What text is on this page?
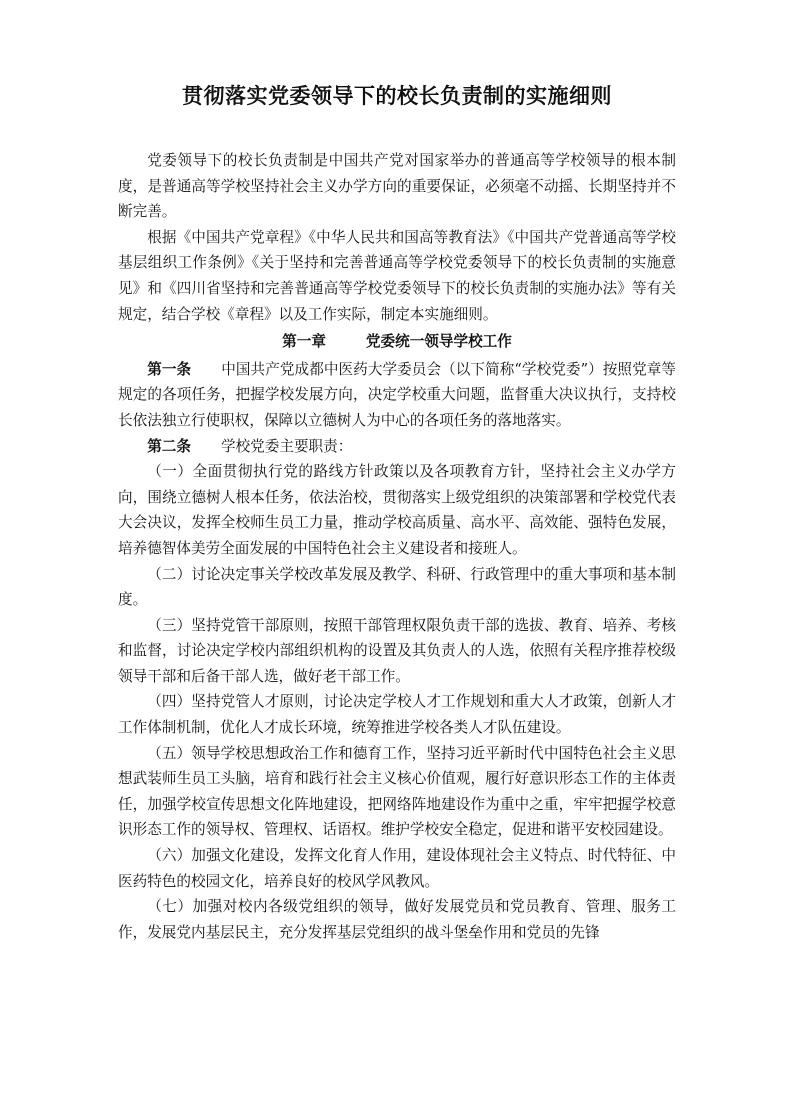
贯彻落实党委领导下的校长负责制的实施细则

党委领导下的校长负责制是中国共产党对国家举办的普通高等学校领导的根本制度，是普通高等学校坚持社会主义办学方向的重要保证，必须毫不动摇、长期坚持并不断完善。

根据《中国共产党章程》《中华人民共和国高等教育法》《中国共产党普通高等学校基层组织工作条例》《关于坚持和完善普通高等学校党委领导下的校长负责制的实施意见》和《四川省坚持和完善普通高等学校党委领导下的校长负责制的实施办法》等有关规定，结合学校《章程》以及工作实际，制定本实施细则。

第一章	党委统一领导学校工作

第一条 中国共产党成都中医药大学委员会（以下简称“学校党委”）按照党章等规定的各项任务，把握学校发展方向，决定学校重大问题，监督重大决议执行，支持校长依法独立行使职权，保障以立德树人为中心的各项任务的落地落实。

第二条 学校党委主要职责：

（一）全面贯彻执行党的路线方针政策以及各项教育方针，坚持社会主义办学方向，围绕立德树人根本任务，依法治校，贯彻落实上级党组织的决策部署和学校党代表大会决议，发挥全校师生员工力量，推动学校高质量、高水平、高效能、强特色发展，培养德智体美劳全面发展的中国特色社会主义建设者和接班人。

（二）讨论决定事关学校改革发展及教学、科研、行政管理中的重大事项和基本制度。

（三）坚持党管干部原则，按照干部管理权限负责干部的选拔、教育、培养、考核和监督，讨论决定学校内部组织机构的设置及其负责人的人选，依照有关程序推荐校级领导干部和后备干部人选，做好老干部工作。

（四）坚持党管人才原则，讨论决定学校人才工作规划和重大人才政策，创新人才工作体制机制，优化人才成长环境，统筹推进学校各类人才队伍建设。

（五）领导学校思想政治工作和德育工作，坚持习近平新时代中国特色社会主义思想武装师生员工头脑，培育和践行社会主义核心价值观，履行好意识形态工作的主体责任，加强学校宣传思想文化阵地建设，把网络阵地建设作为重中之重，牢牢把握学校意识形态工作的领导权、管理权、话语权。维护学校安全稳定，促进和谐平安校园建设。

（六）加强文化建设，发挥文化育人作用，建设体现社会主义特点、时代特征、中医药特色的校园文化，培养良好的校风学风教风。

（七）加强对校内各级党组织的领导，做好发展党员和党员教育、管理、服务工作，发展党内基层民主，充分发挥基层党组织的战斗堡垒作用和党员的先锋
